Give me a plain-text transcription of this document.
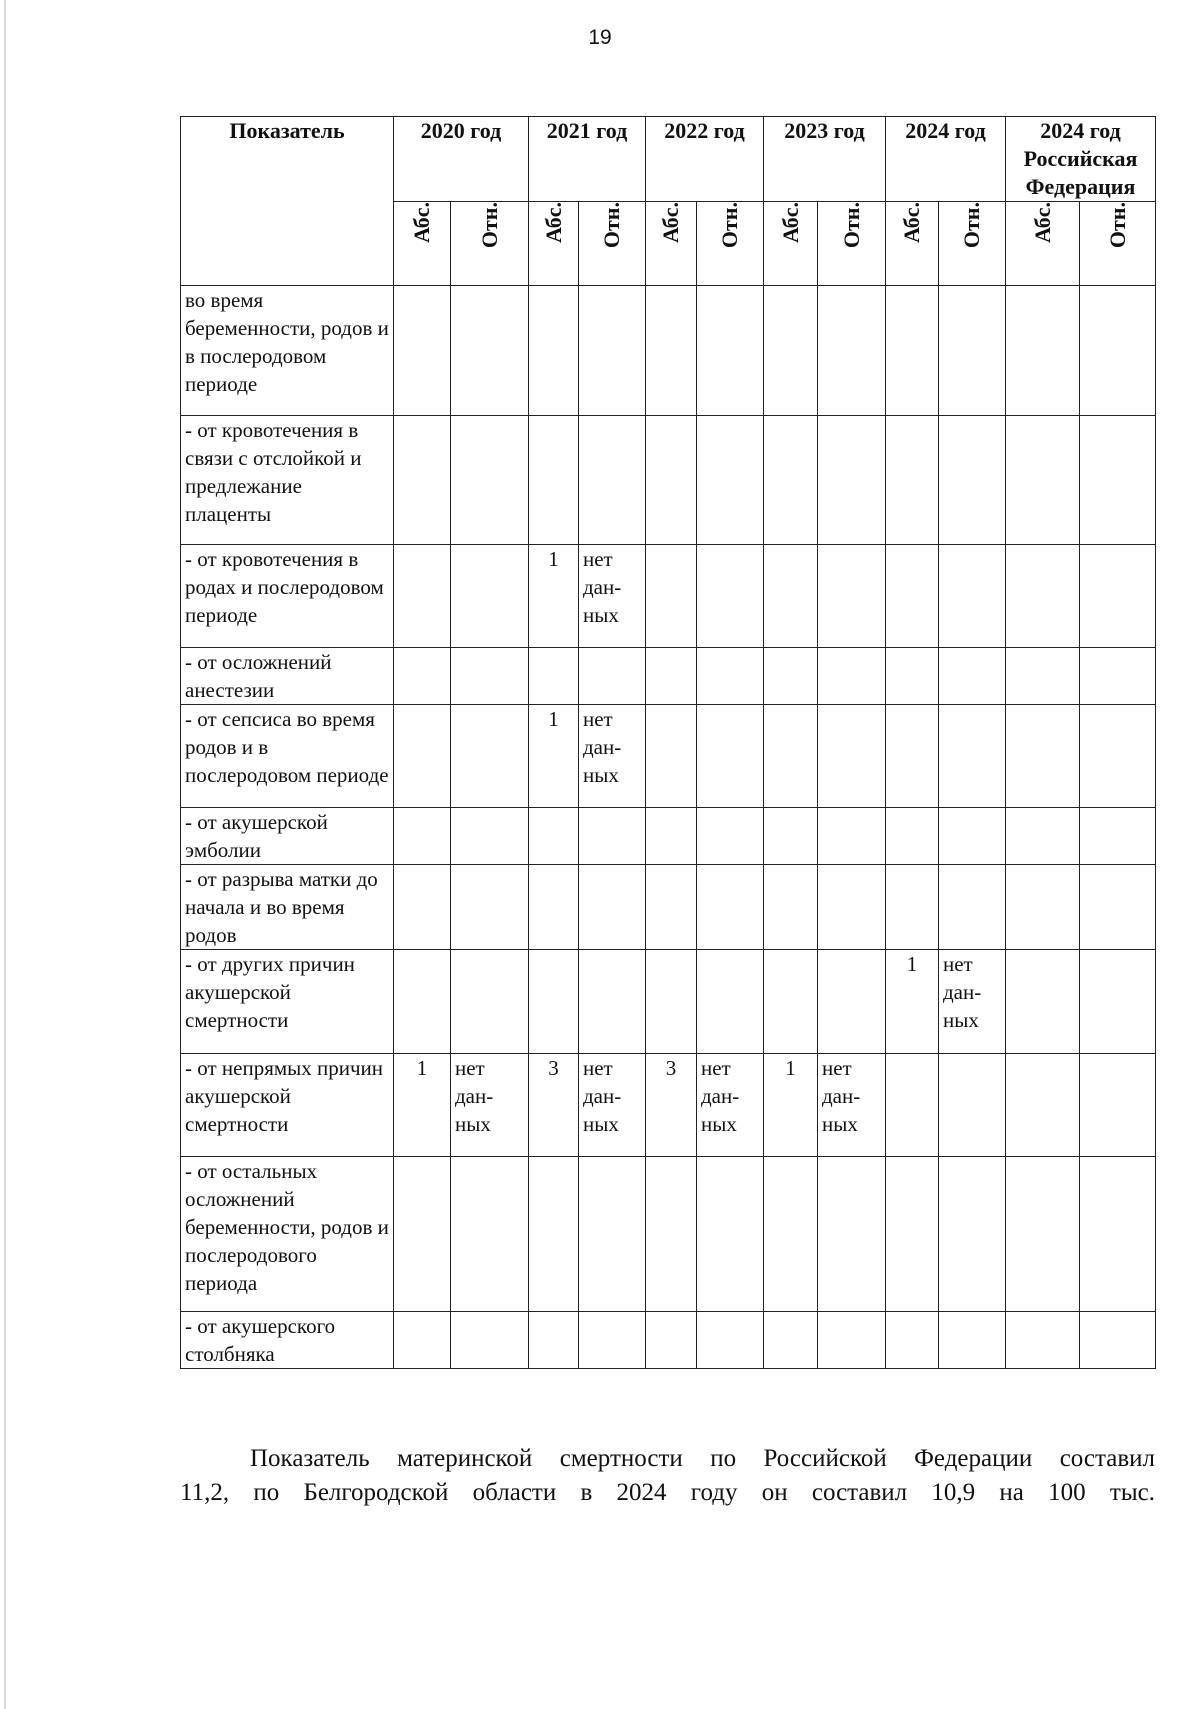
19
Показатель	2020 год		2021 год		2022 год		2023 год		2024 год		2024 год Российская Федерация	

	Абс.	Отн.	Абс.	Отн.	Абс.	Отн.	Абс.	Отн.	Абс.	Отн.	Абс.	Отн.

во время беременности, родов и в послеродовом периоде												
- от кровотечения в связи с отслойкой и предлежание плаценты												
- от кровотечения в родах и послеродовом периоде			1	нет дан-ных								
- от осложнений анестезии												
- от сепсиса во время родов и в послеродовом периоде			1	нет дан-ных								
- от акушерской эмболии												
- от разрыва матки до начала и во время родов												
- от других причин акушерской смертности									1	нет дан-ных		
- от непрямых причин акушерской смертности	1	нет дан-ных	3	нет дан-ных	3	нет дан-ных	1	нет дан-ных				
- от остальных осложнений беременности, родов и послеродового периода												
- от акушерского столбняка												
Показатель материнской смертности по Российской Федерации составил
11,2, по Белгородской области в 2024 году он составил 10,9 на 100 тыс.
